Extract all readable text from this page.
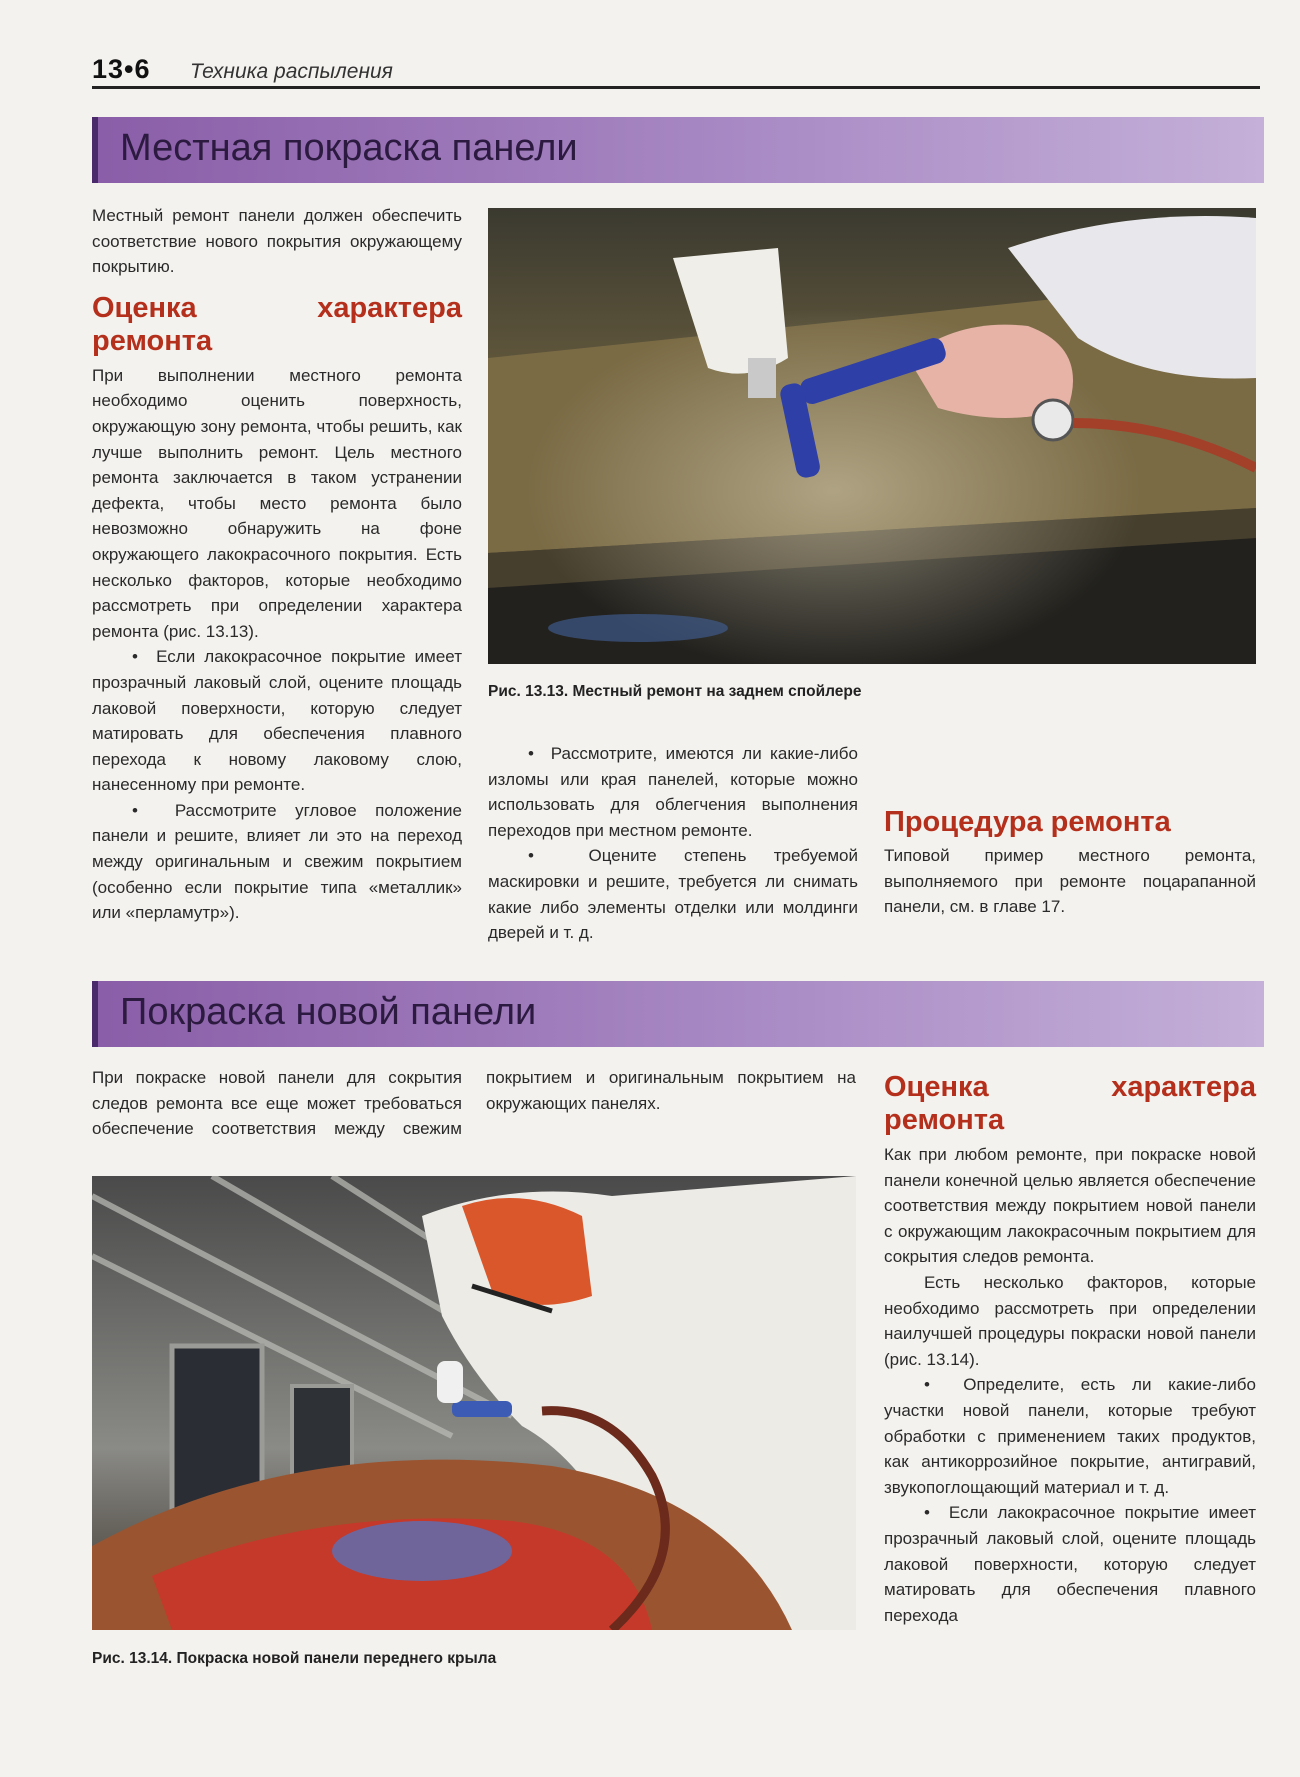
13•6 Техника распыления
Местная покраска панели

Местный ремонт панели должен обеспечить соответствие нового покрытия окружающему покрытию.

Оценка характера ремонта

При выполнении местного ремонта необходимо оценить поверхность, окружающую зону ремонта, чтобы решить, как лучше выполнить ремонт. Цель местного ремонта заключается в таком устранении дефекта, чтобы место ремонта было невозможно обнаружить на фоне окружающего лакокрасочного покрытия. Есть несколько факторов, которые необходимо рассмотреть при определении характера ремонта (рис. 13.13).

•  Если лакокрасочное покрытие имеет прозрачный лаковый слой, оцените площадь лаковой поверхности, которую следует матировать для обеспечения плавного перехода к новому лаковому слою, нанесенному при ремонте.

•  Рассмотрите угловое положение панели и решите, влияет ли это на переход между оригинальным и свежим покрытием (особенно если покрытие типа «металлик» или «перламутр»).

Рис. 13.13. Местный ремонт на заднем спойлере

•  Рассмотрите, имеются ли какие-либо изломы или края панелей, которые можно использовать для облегчения выполнения переходов при местном ремонте.

•  Оцените степень требуемой маскировки и решите, требуется ли снимать какие либо элементы отделки или молдинги дверей и т. д.

Процедура ремонта

Типовой пример местного ремонта, выполняемого при ремонте поцарапанной панели, см. в главе 17.

Покраска новой панели

При покраске новой панели для сокрытия следов ремонта все еще может требоваться обеспечение соответствия между свежим покрытием и оригинальным покрытием на окружающих панелях.

Рис. 13.14. Покраска новой панели переднего крыла
Оценка характера ремонта

Как при любом ремонте, при покраске новой панели конечной целью является обеспечение соответствия между покрытием новой панели с окружающим лакокрасочным покрытием для сокрытия следов ремонта.

Есть несколько факторов, которые необходимо рассмотреть при определении наилучшей процедуры покраски новой панели (рис. 13.14).

•  Определите, есть ли какие-либо участки новой панели, которые требуют обработки с применением таких продуктов, как антикоррозийное покрытие, антигравий, звукопоглощающий материал и т. д.

•  Если лакокрасочное покрытие имеет прозрачный лаковый слой, оцените площадь лаковой поверхности, которую следует матировать для обеспечения плавного перехода
